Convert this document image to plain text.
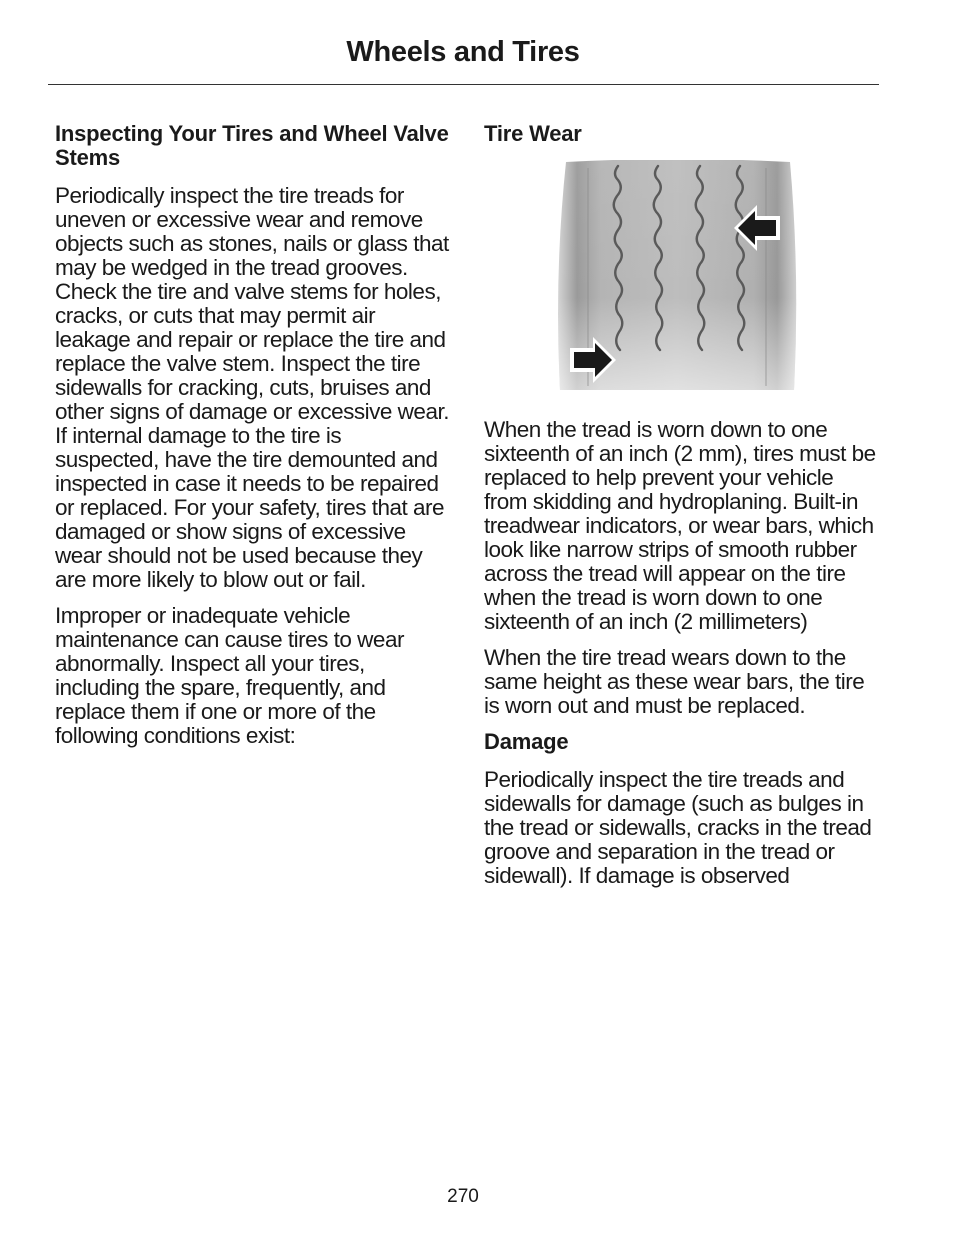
Wheels and Tires
Inspecting Your Tires and Wheel Valve Stems

Periodically inspect the tire treads for uneven or excessive wear and remove objects such as stones, nails or glass that may be wedged in the tread grooves. Check the tire and valve stems for holes, cracks, or cuts that may permit air leakage and repair or replace the tire and replace the valve stem. Inspect the tire sidewalls for cracking, cuts, bruises and other signs of damage or excessive wear. If internal damage to the tire is suspected, have the tire demounted and inspected in case it needs to be repaired or replaced. For your safety, tires that are damaged or show signs of excessive wear should not be used because they are more likely to blow out or fail.

Improper or inadequate vehicle maintenance can cause tires to wear abnormally. Inspect all your tires, including the spare, frequently, and replace them if one or more of the following conditions exist:

Tire Wear

When the tread is worn down to one sixteenth of an inch (2 mm), tires must be replaced to help prevent your vehicle from skidding and hydroplaning. Built-in treadwear indicators, or wear bars, which look like narrow strips of smooth rubber across the tread will appear on the tire when the tread is worn down to one sixteenth of an inch (2 millimeters)

When the tire tread wears down to the same height as these wear bars, the tire is worn out and must be replaced.

Damage

Periodically inspect the tire treads and sidewalls for damage (such as bulges in the tread or sidewalls, cracks in the tread groove and separation in the tread or sidewall). If damage is observed

270
